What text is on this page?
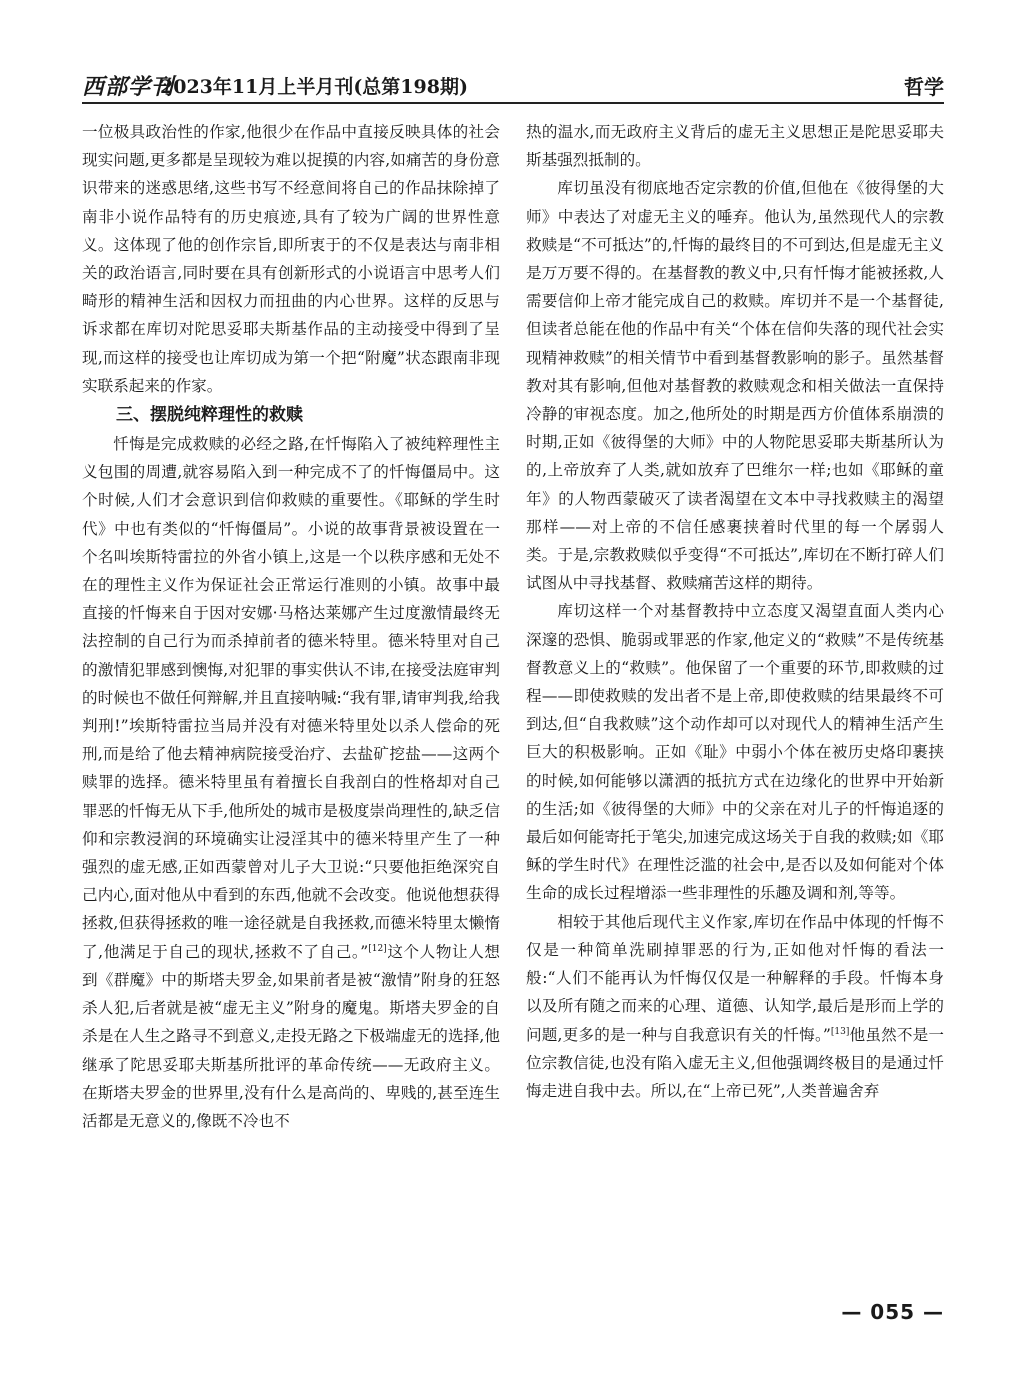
西部学刊
2023年11月上半月刊(总第198期)	哲学

一位极具政治性的作家,他很少在作品中直接反映具体的社会现实问题,更多都是呈现较为难以捉摸的内容,如痛苦的身份意识带来的迷惑思绪,这些书写不经意间将自己的作品抹除掉了南非小说作品特有的历史痕迹,具有了较为广阔的世界性意义。这体现了他的创作宗旨,即所衷于的不仅是表达与南非相关的政治语言,同时要在具有创新形式的小说语言中思考人们畸形的精神生活和因权力而扭曲的内心世界。这样的反思与诉求都在库切对陀思妥耶夫斯基作品的主动接受中得到了呈现,而这样的接受也让库切成为第一个把“附魔”状态跟南非现实联系起来的作家。

三、摆脱纯粹理性的救赎

忏悔是完成救赎的必经之路,在忏悔陷入了被纯粹理性主义包围的周遭,就容易陷入到一种完成不了的忏悔僵局中。这个时候,人们才会意识到信仰救赎的重要性。《耶稣的学生时代》中也有类似的“忏悔僵局”。小说的故事背景被设置在一个名叫埃斯特雷拉的外省小镇上,这是一个以秩序感和无处不在的理性主义作为保证社会正常运行准则的小镇。故事中最直接的忏悔来自于因对安娜·马格达莱娜产生过度激情最终无法控制的自己行为而杀掉前者的德米特里。德米特里对自己的激情犯罪感到懊悔,对犯罪的事实供认不讳,在接受法庭审判的时候也不做任何辩解,并且直接呐喊:“我有罪,请审判我,给我判刑!”埃斯特雷拉当局并没有对德米特里处以杀人偿命的死刑,而是给了他去精神病院接受治疗、去盐矿挖盐——这两个赎罪的选择。德米特里虽有着擅长自我剖白的性格却对自己罪恶的忏悔无从下手,他所处的城市是极度崇尚理性的,缺乏信仰和宗教浸润的环境确实让浸淫其中的德米特里产生了一种强烈的虚无感,正如西蒙曾对儿子大卫说:“只要他拒绝深究自己内心,面对他从中看到的东西,他就不会改变。他说他想获得拯救,但获得拯救的唯一途径就是自我拯救,而德米特里太懒惰了,他满足于自己的现状,拯救不了自己。”[12]这个人物让人想到《群魔》中的斯塔夫罗金,如果前者是被“激情”附身的狂怒杀人犯,后者就是被“虚无主义”附身的魔鬼。斯塔夫罗金的自杀是在人生之路寻不到意义,走投无路之下极端虚无的选择,他继承了陀思妥耶夫斯基所批评的革命传统——无政府主义。在斯塔夫罗金的世界里,没有什么是高尚的、卑贱的,甚至连生活都是无意义的,像既不冷也不

热的温水,而无政府主义背后的虚无主义思想正是陀思妥耶夫斯基强烈抵制的。

库切虽没有彻底地否定宗教的价值,但他在《彼得堡的大师》中表达了对虚无主义的唾弃。他认为,虽然现代人的宗教救赎是“不可抵达”的,忏悔的最终目的不可到达,但是虚无主义是万万要不得的。在基督教的教义中,只有忏悔才能被拯救,人需要信仰上帝才能完成自己的救赎。库切并不是一个基督徒,但读者总能在他的作品中有关“个体在信仰失落的现代社会实现精神救赎”的相关情节中看到基督教影响的影子。虽然基督教对其有影响,但他对基督教的救赎观念和相关做法一直保持冷静的审视态度。加之,他所处的时期是西方价值体系崩溃的时期,正如《彼得堡的大师》中的人物陀思妥耶夫斯基所认为的,上帝放弃了人类,就如放弃了巴维尔一样;也如《耶稣的童年》的人物西蒙破灭了读者渴望在文本中寻找救赎主的渴望那样——对上帝的不信任感裹挟着时代里的每一个孱弱人类。于是,宗教救赎似乎变得“不可抵达”,库切在不断打碎人们试图从中寻找基督、救赎痛苦这样的期待。

库切这样一个对基督教持中立态度又渴望直面人类内心深邃的恐惧、脆弱或罪恶的作家,他定义的“救赎”不是传统基督教意义上的“救赎”。他保留了一个重要的环节,即救赎的过程——即使救赎的发出者不是上帝,即使救赎的结果最终不可到达,但“自我救赎”这个动作却可以对现代人的精神生活产生巨大的积极影响。正如《耻》中弱小个体在被历史烙印裹挟的时候,如何能够以潇洒的抵抗方式在边缘化的世界中开始新的生活;如《彼得堡的大师》中的父亲在对儿子的忏悔追逐的最后如何能寄托于笔尖,加速完成这场关于自我的救赎;如《耶稣的学生时代》在理性泛滥的社会中,是否以及如何能对个体生命的成长过程增添一些非理性的乐趣及调和剂,等等。

相较于其他后现代主义作家,库切在作品中体现的忏悔不仅是一种简单洗刷掉罪恶的行为,正如他对忏悔的看法一般:“人们不能再认为忏悔仅仅是一种解释的手段。忏悔本身以及所有随之而来的心理、道德、认知学,最后是形而上学的问题,更多的是一种与自我意识有关的忏悔。”[13]他虽然不是一位宗教信徒,也没有陷入虚无主义,但他强调终极目的是通过忏悔走进自我中去。所以,在“上帝已死”,人类普遍舍弃

— 055 —
